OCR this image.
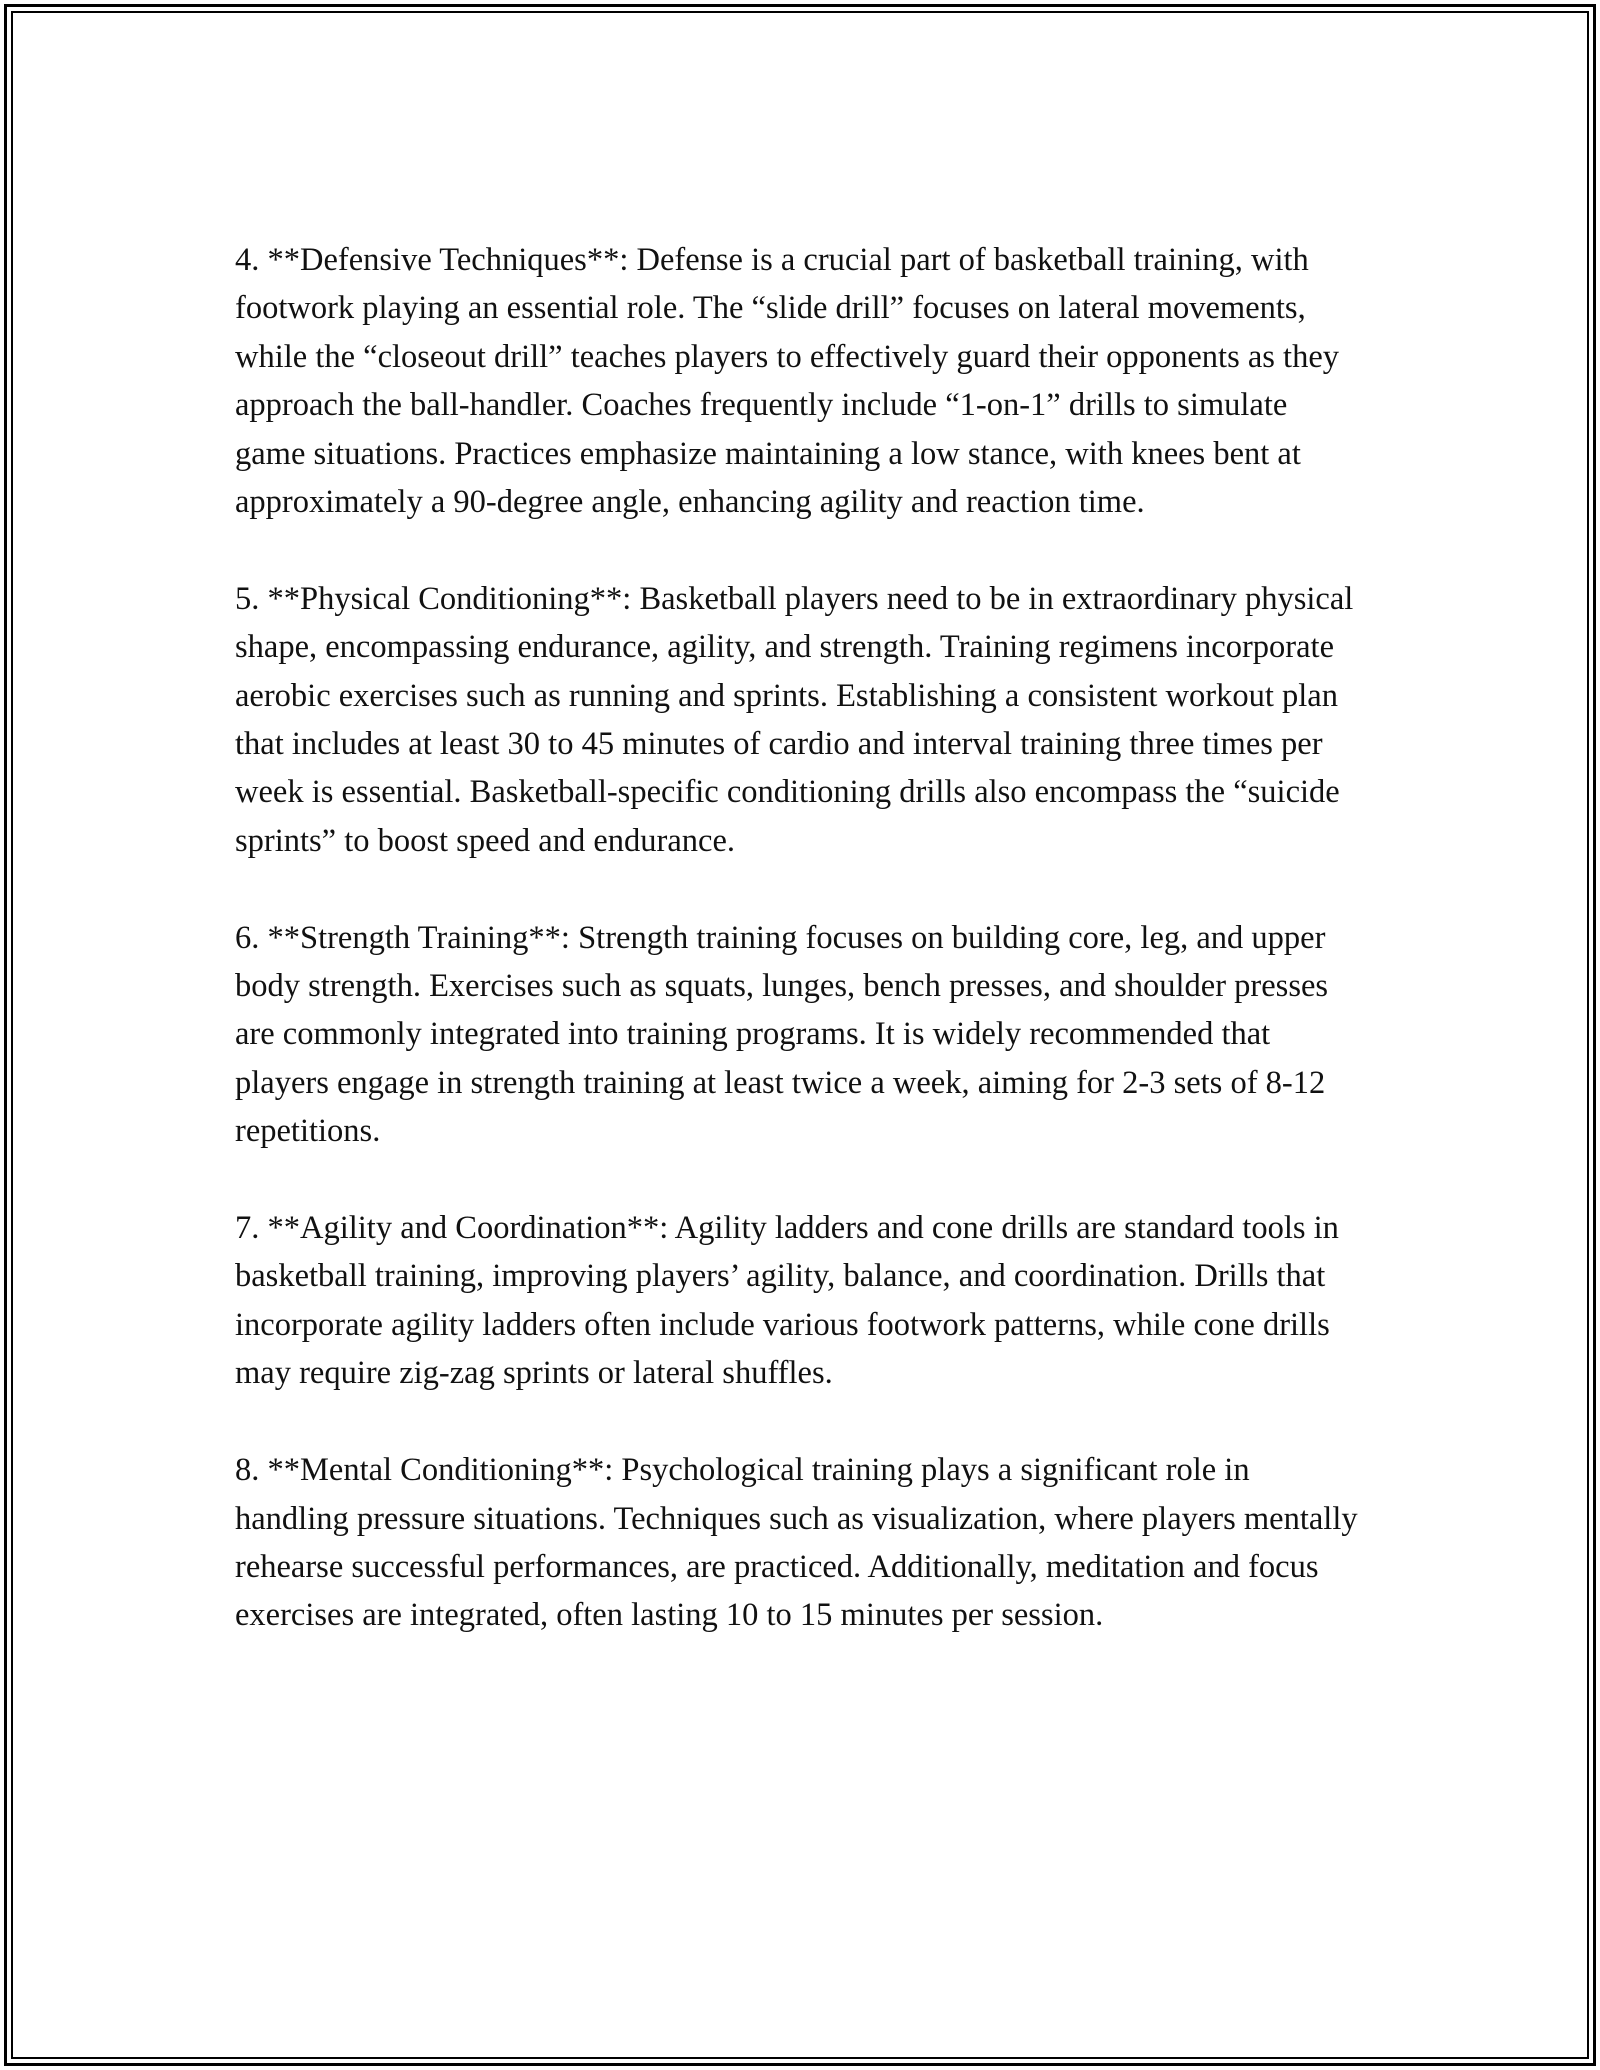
4. **Defensive Techniques**: Defense is a crucial part of basketball training, with footwork playing an essential role. The “slide drill” focuses on lateral movements, while the “closeout drill” teaches players to effectively guard their opponents as they approach the ball-handler. Coaches frequently include “1-on-1” drills to simulate game situations. Practices emphasize maintaining a low stance, with knees bent at approximately a 90-degree angle, enhancing agility and reaction time.

5. **Physical Conditioning**: Basketball players need to be in extraordinary physical shape, encompassing endurance, agility, and strength. Training regimens incorporate aerobic exercises such as running and sprints. Establishing a consistent workout plan that includes at least 30 to 45 minutes of cardio and interval training three times per week is essential. Basketball-specific conditioning drills also encompass the “suicide sprints” to boost speed and endurance.

6. **Strength Training**: Strength training focuses on building core, leg, and upper body strength. Exercises such as squats, lunges, bench presses, and shoulder presses are commonly integrated into training programs. It is widely recommended that players engage in strength training at least twice a week, aiming for 2-3 sets of 8-12 repetitions.

7. **Agility and Coordination**: Agility ladders and cone drills are standard tools in basketball training, improving players’ agility, balance, and coordination. Drills that incorporate agility ladders often include various footwork patterns, while cone drills may require zig-zag sprints or lateral shuffles.

8. **Mental Conditioning**: Psychological training plays a significant role in handling pressure situations. Techniques such as visualization, where players mentally rehearse successful performances, are practiced. Additionally, meditation and focus exercises are integrated, often lasting 10 to 15 minutes per session.
